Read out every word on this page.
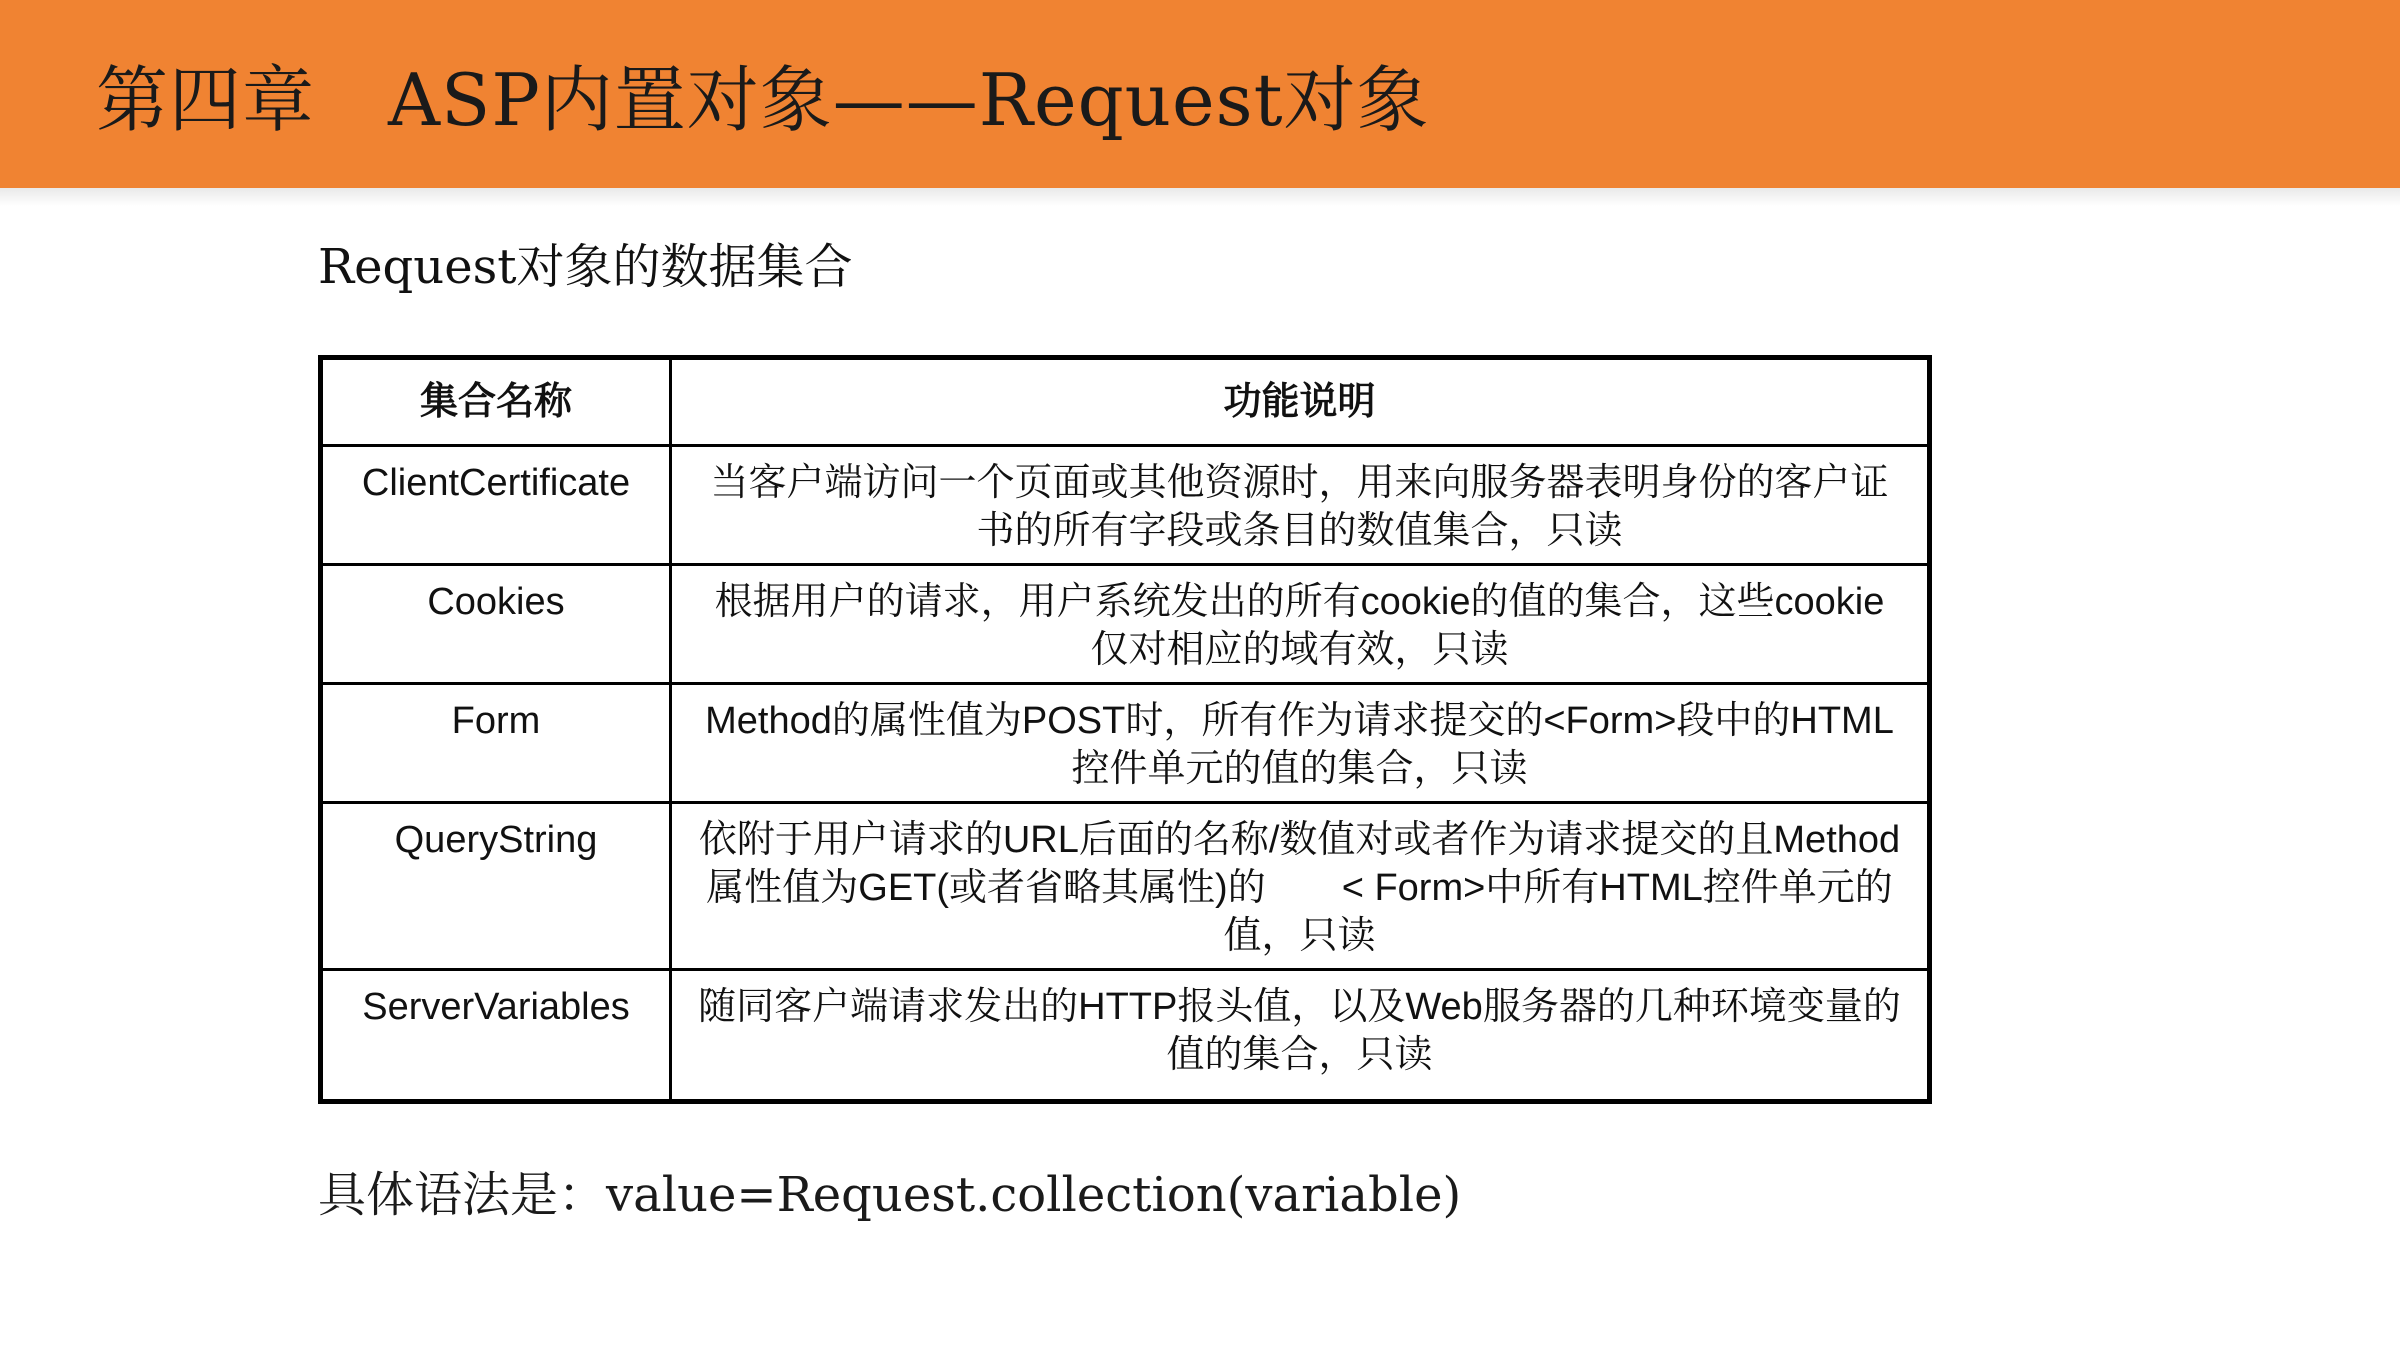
第四章　ASP内置对象——Request对象
Request对象的数据集合
集合名称	功能说明
ClientCertificate	当客户端访问一个页面或其他资源时，用来向服务器表明身份的客户证书的所有字段或条目的数值集合，只读
Cookies	根据用户的请求，用户系统发出的所有cookie的值的集合，这些cookie仅对相应的域有效，只读
Form	Method的属性值为POST时，所有作为请求提交的<Form>段中的HTML控件单元的值的集合，只读
QueryString	依附于用户请求的URL后面的名称/数值对或者作为请求提交的且Method属性值为GET(或者省略其属性)的　　< Form>中所有HTML控件单元的值，只读
ServerVariables	随同客户端请求发出的HTTP报头值，以及Web服务器的几种环境变量的值的集合，只读
具体语法是：value=Request.collection(variable)
